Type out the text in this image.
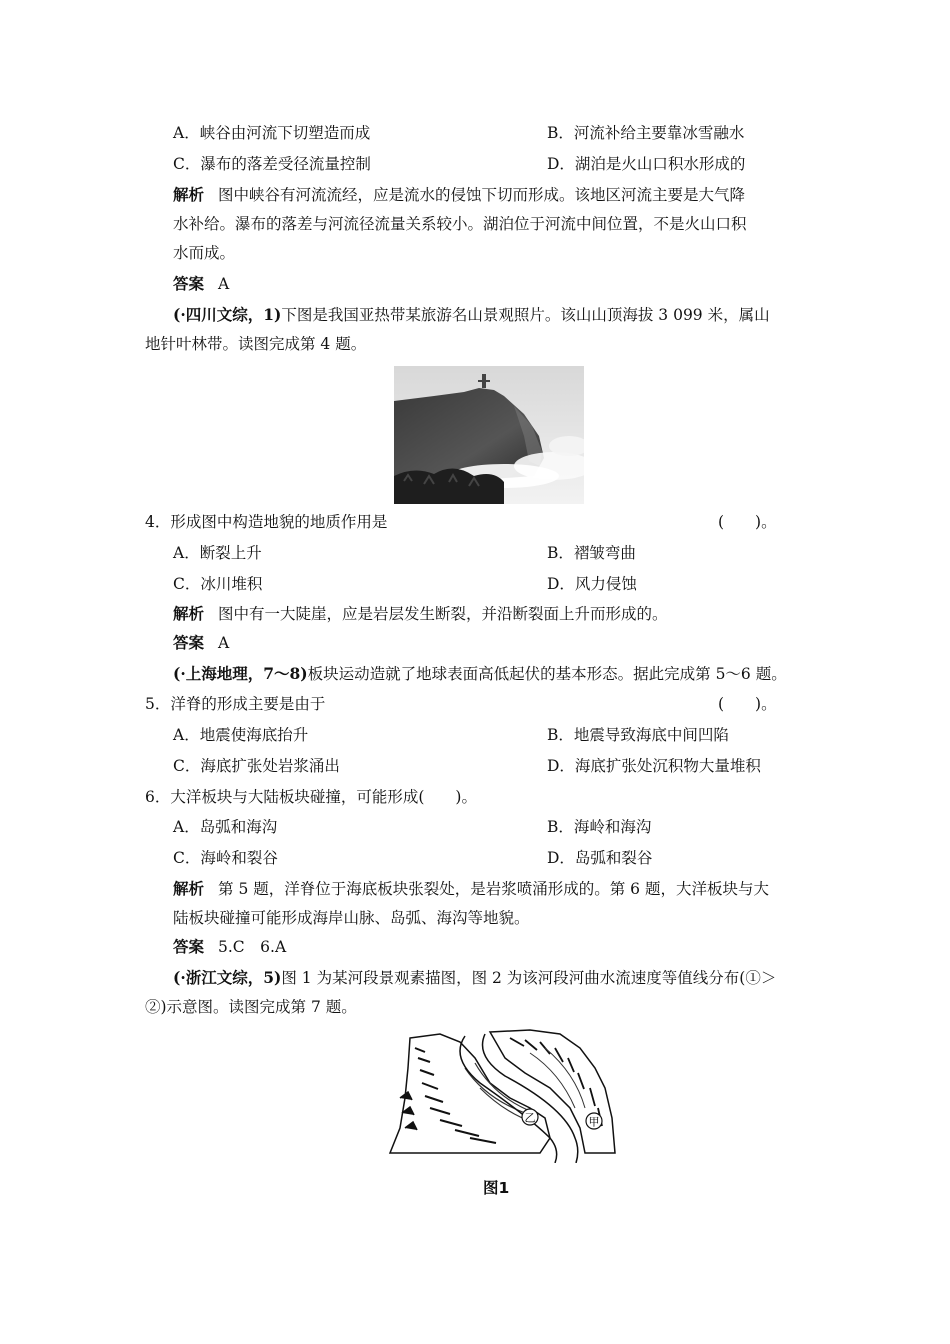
A．峡谷由河流下切塑造而成	B．河流补给主要靠冰雪融水
C．瀑布的落差受径流量控制	D．湖泊是火山口积水形成的
解析 图中峡谷有河流流经，应是流水的侵蚀下切而形成。该地区河流主要是大气降
水补给。瀑布的落差与河流径流量关系较小。湖泊位于河流中间位置，不是火山口积
水而成。
答案 A
(·四川文综，1)下图是我国亚热带某旅游名山景观照片。该山山顶海拔 3 099 米，属山
地针叶林带。读图完成第 4 题。
4．形成图中构造地貌的地质作用是	(　　)。
A．断裂上升	B．褶皱弯曲
C．冰川堆积	D．风力侵蚀
解析 图中有一大陡崖，应是岩层发生断裂，并沿断裂面上升而形成的。
答案 A
(·上海地理，7～8)板块运动造就了地球表面高低起伏的基本形态。据此完成第 5～6 题。
5．洋脊的形成主要是由于	(　　)。
A．地震使海底抬升	B．地震导致海底中间凹陷
C．海底扩张处岩浆涌出	D．海底扩张处沉积物大量堆积
6．大洋板块与大陆板块碰撞，可能形成(　　)。
A．岛弧和海沟	B．海岭和海沟
C．海岭和裂谷	D．岛弧和裂谷
解析 第 5 题，洋脊位于海底板块张裂处，是岩浆喷涌形成的。第 6 题，大洋板块与大
陆板块碰撞可能形成海岸山脉、岛弧、海沟等地貌。
答案 5.C　6.A
(·浙江文综，5)图 1 为某河段景观素描图，图 2 为该河段河曲水流速度等值线分布(①＞
②)示意图。读图完成第 7 题。
乙	甲
图1
